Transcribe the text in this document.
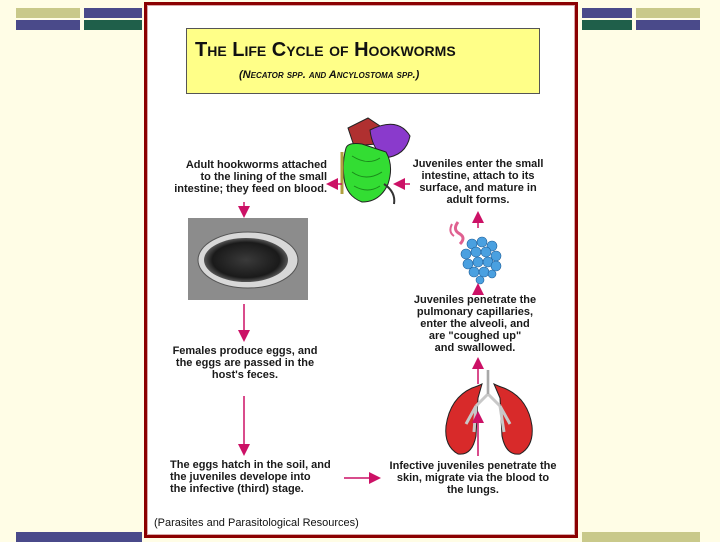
The Life Cycle of Hookworms
(Necator spp. and Ancylostoma spp.)
Adult hookworms attached
to the lining of the small
intestine; they feed on blood.
Juveniles enter the small
intestine, attach to its
surface, and mature in
adult forms.
Females produce eggs, and
the eggs are passed in the
host's feces.
Juveniles penetrate the
pulmonary capillaries,
enter the alveoli, and
are "coughed up"
and swallowed.
The eggs hatch in the soil, and
the juveniles develope into
the infective (third) stage.
Infective juveniles penetrate the
skin, migrate via the blood to
the lungs.
(Parasites and Parasitological Resources)
